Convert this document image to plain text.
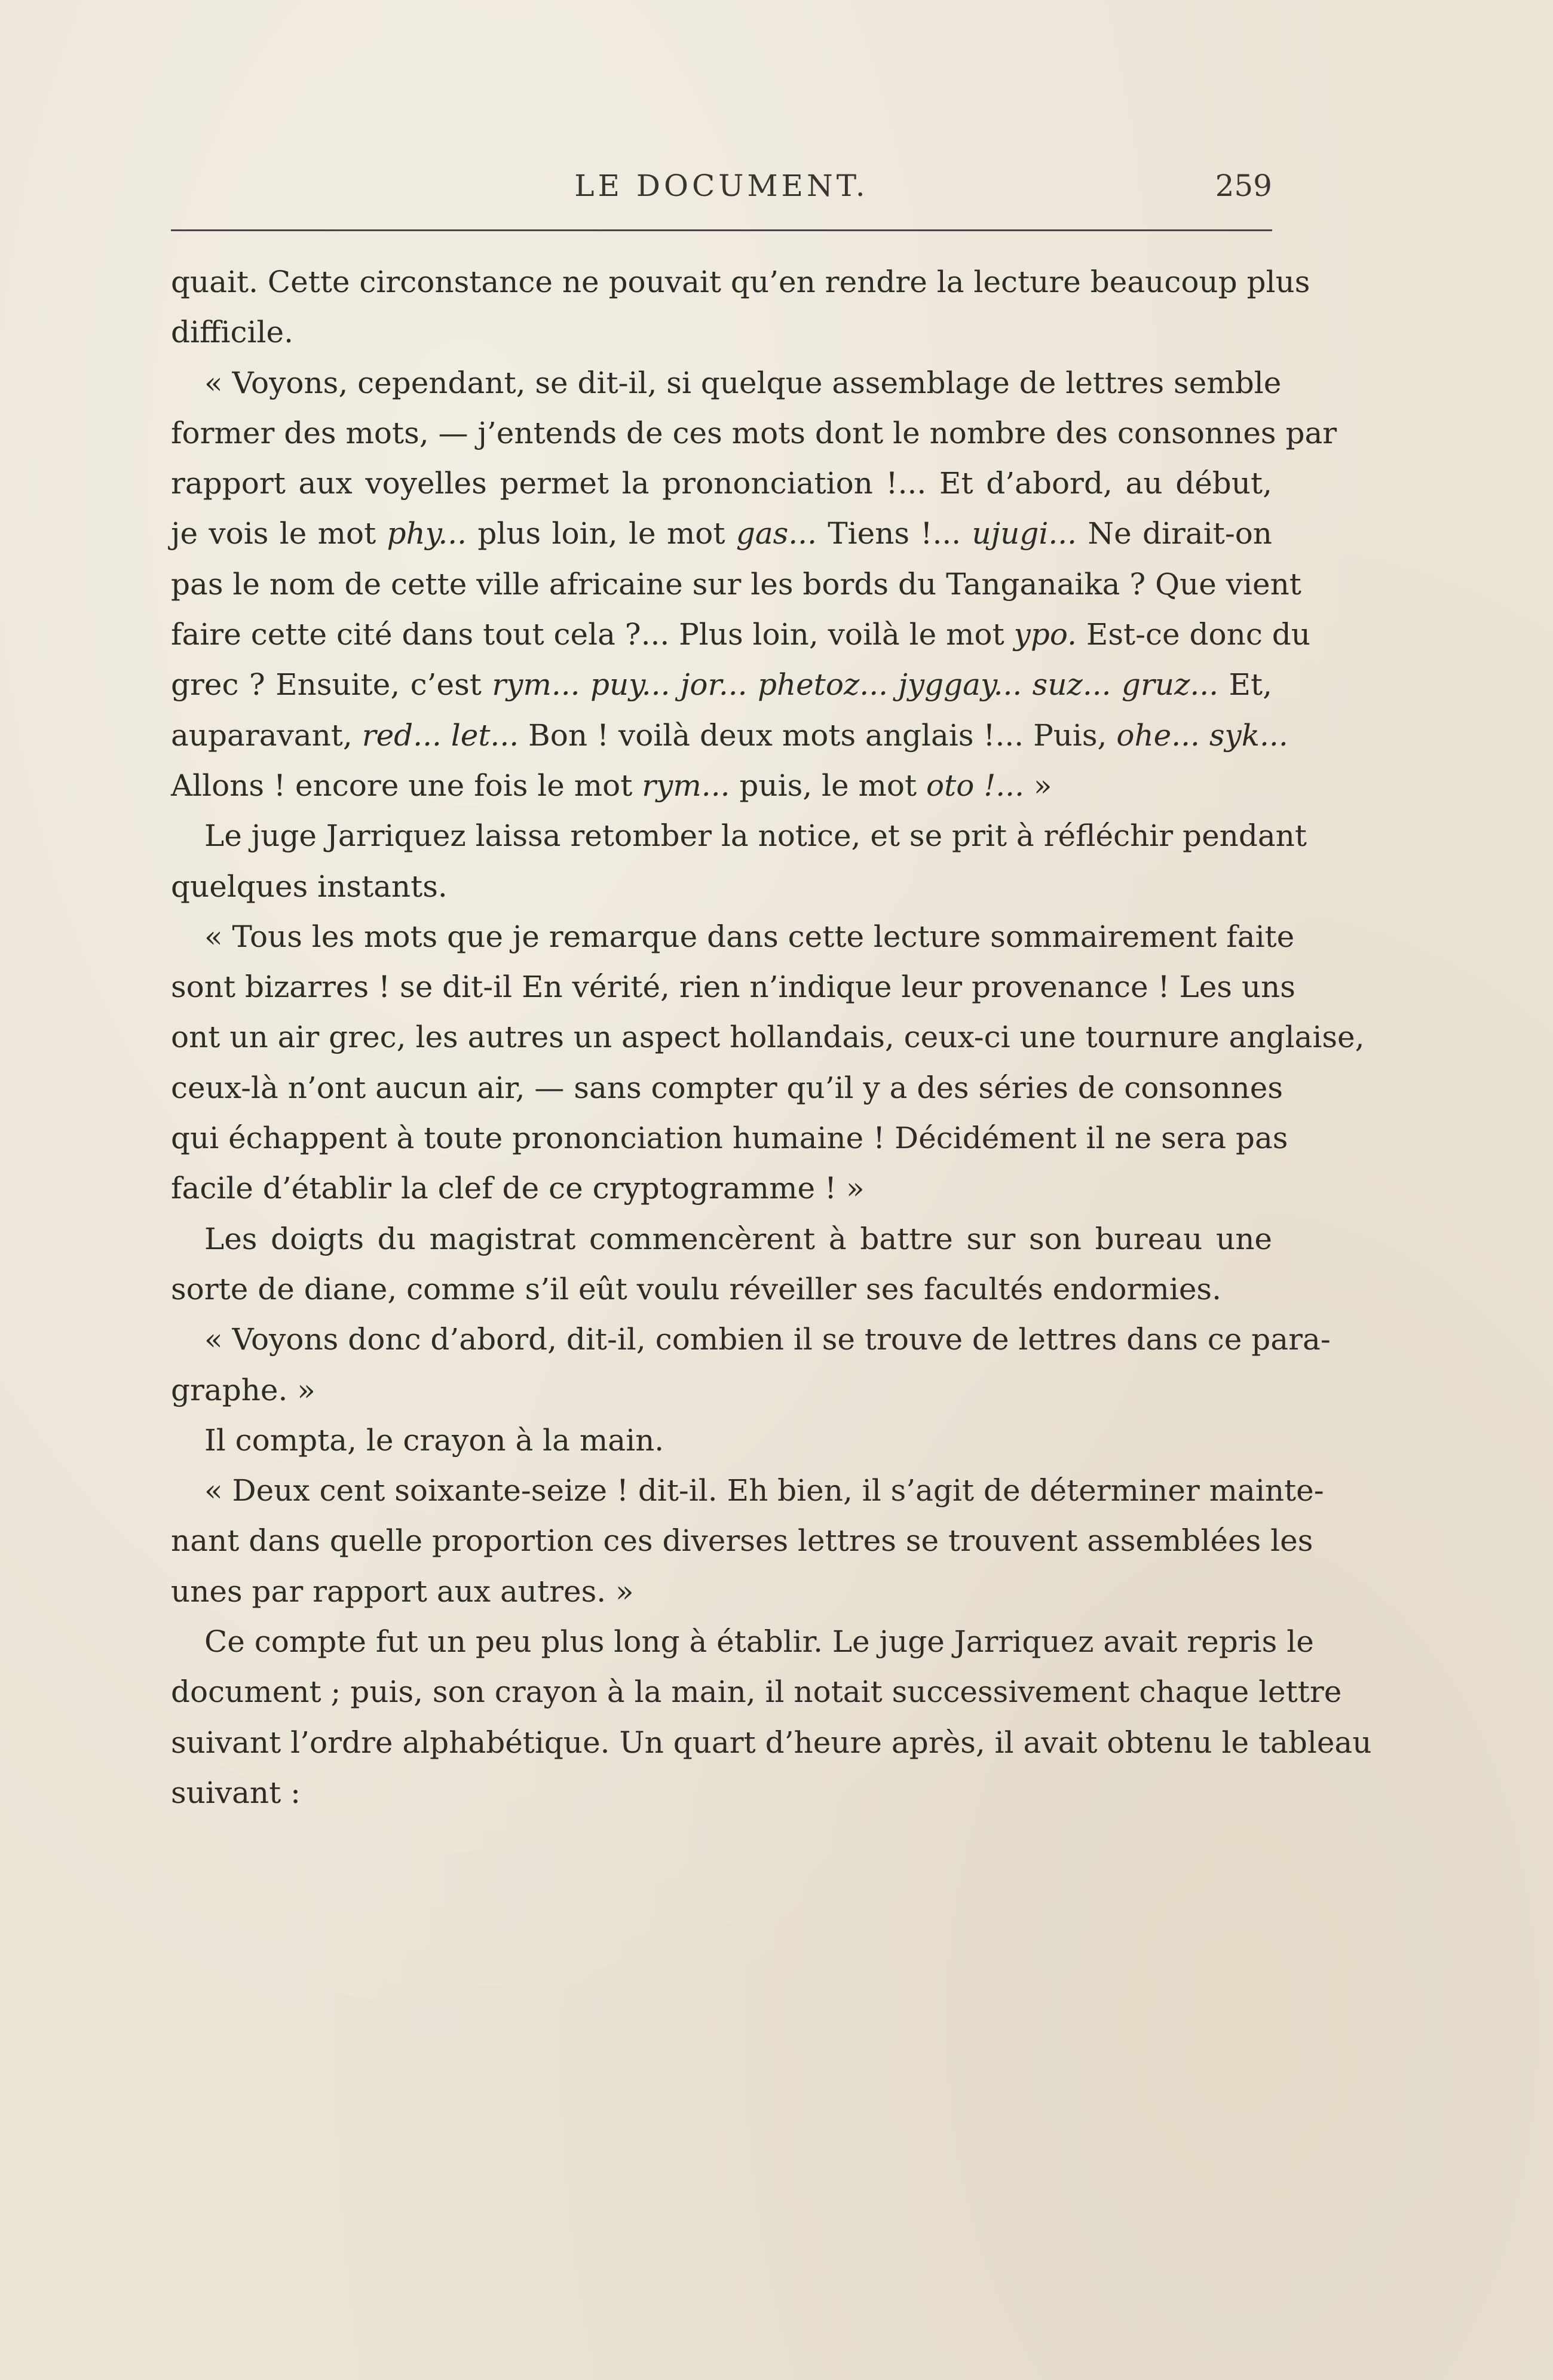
LE DOCUMENT.	259
quait. Cette circonstance ne pouvait qu’en rendre la lecture beaucoup plus
difficile.
« Voyons, cependant, se dit-il, si quelque assemblage de lettres semble
former des mots, — j’entends de ces mots dont le nombre des consonnes par
rapport aux voyelles permet la prononciation !... Et d’abord, au début,
je vois le mot phy... plus loin, le mot gas... Tiens !... ujugi... Ne dirait-on
pas le nom de cette ville africaine sur les bords du Tanganaika ? Que vient
faire cette cité dans tout cela ?... Plus loin, voilà le mot ypo. Est-ce donc du
grec ? Ensuite, c’est rym... puy... jor... phetoz... jyggay... suz... gruz... Et,
auparavant, red... let... Bon ! voilà deux mots anglais !... Puis, ohe... syk...
Allons ! encore une fois le mot rym... puis, le mot oto !... »
Le juge Jarriquez laissa retomber la notice, et se prit à réfléchir pendant
quelques instants.
« Tous les mots que je remarque dans cette lecture sommairement faite
sont bizarres ! se dit-il En vérité, rien n’indique leur provenance ! Les uns
ont un air grec, les autres un aspect hollandais, ceux-ci une tournure anglaise,
ceux-là n’ont aucun air, — sans compter qu’il y a des séries de consonnes
qui échappent à toute prononciation humaine ! Décidément il ne sera pas
facile d’établir la clef de ce cryptogramme ! »
Les doigts du magistrat commencèrent à battre sur son bureau une
sorte de diane, comme s’il eût voulu réveiller ses facultés endormies.
« Voyons donc d’abord, dit-il, combien il se trouve de lettres dans ce para-
graphe. »
Il compta, le crayon à la main.
« Deux cent soixante-seize ! dit-il. Eh bien, il s’agit de déterminer mainte-
nant dans quelle proportion ces diverses lettres se trouvent assemblées les
unes par rapport aux autres. »
Ce compte fut un peu plus long à établir. Le juge Jarriquez avait repris le
document ; puis, son crayon à la main, il notait successivement chaque lettre
suivant l’ordre alphabétique. Un quart d’heure après, il avait obtenu le tableau
suivant :
